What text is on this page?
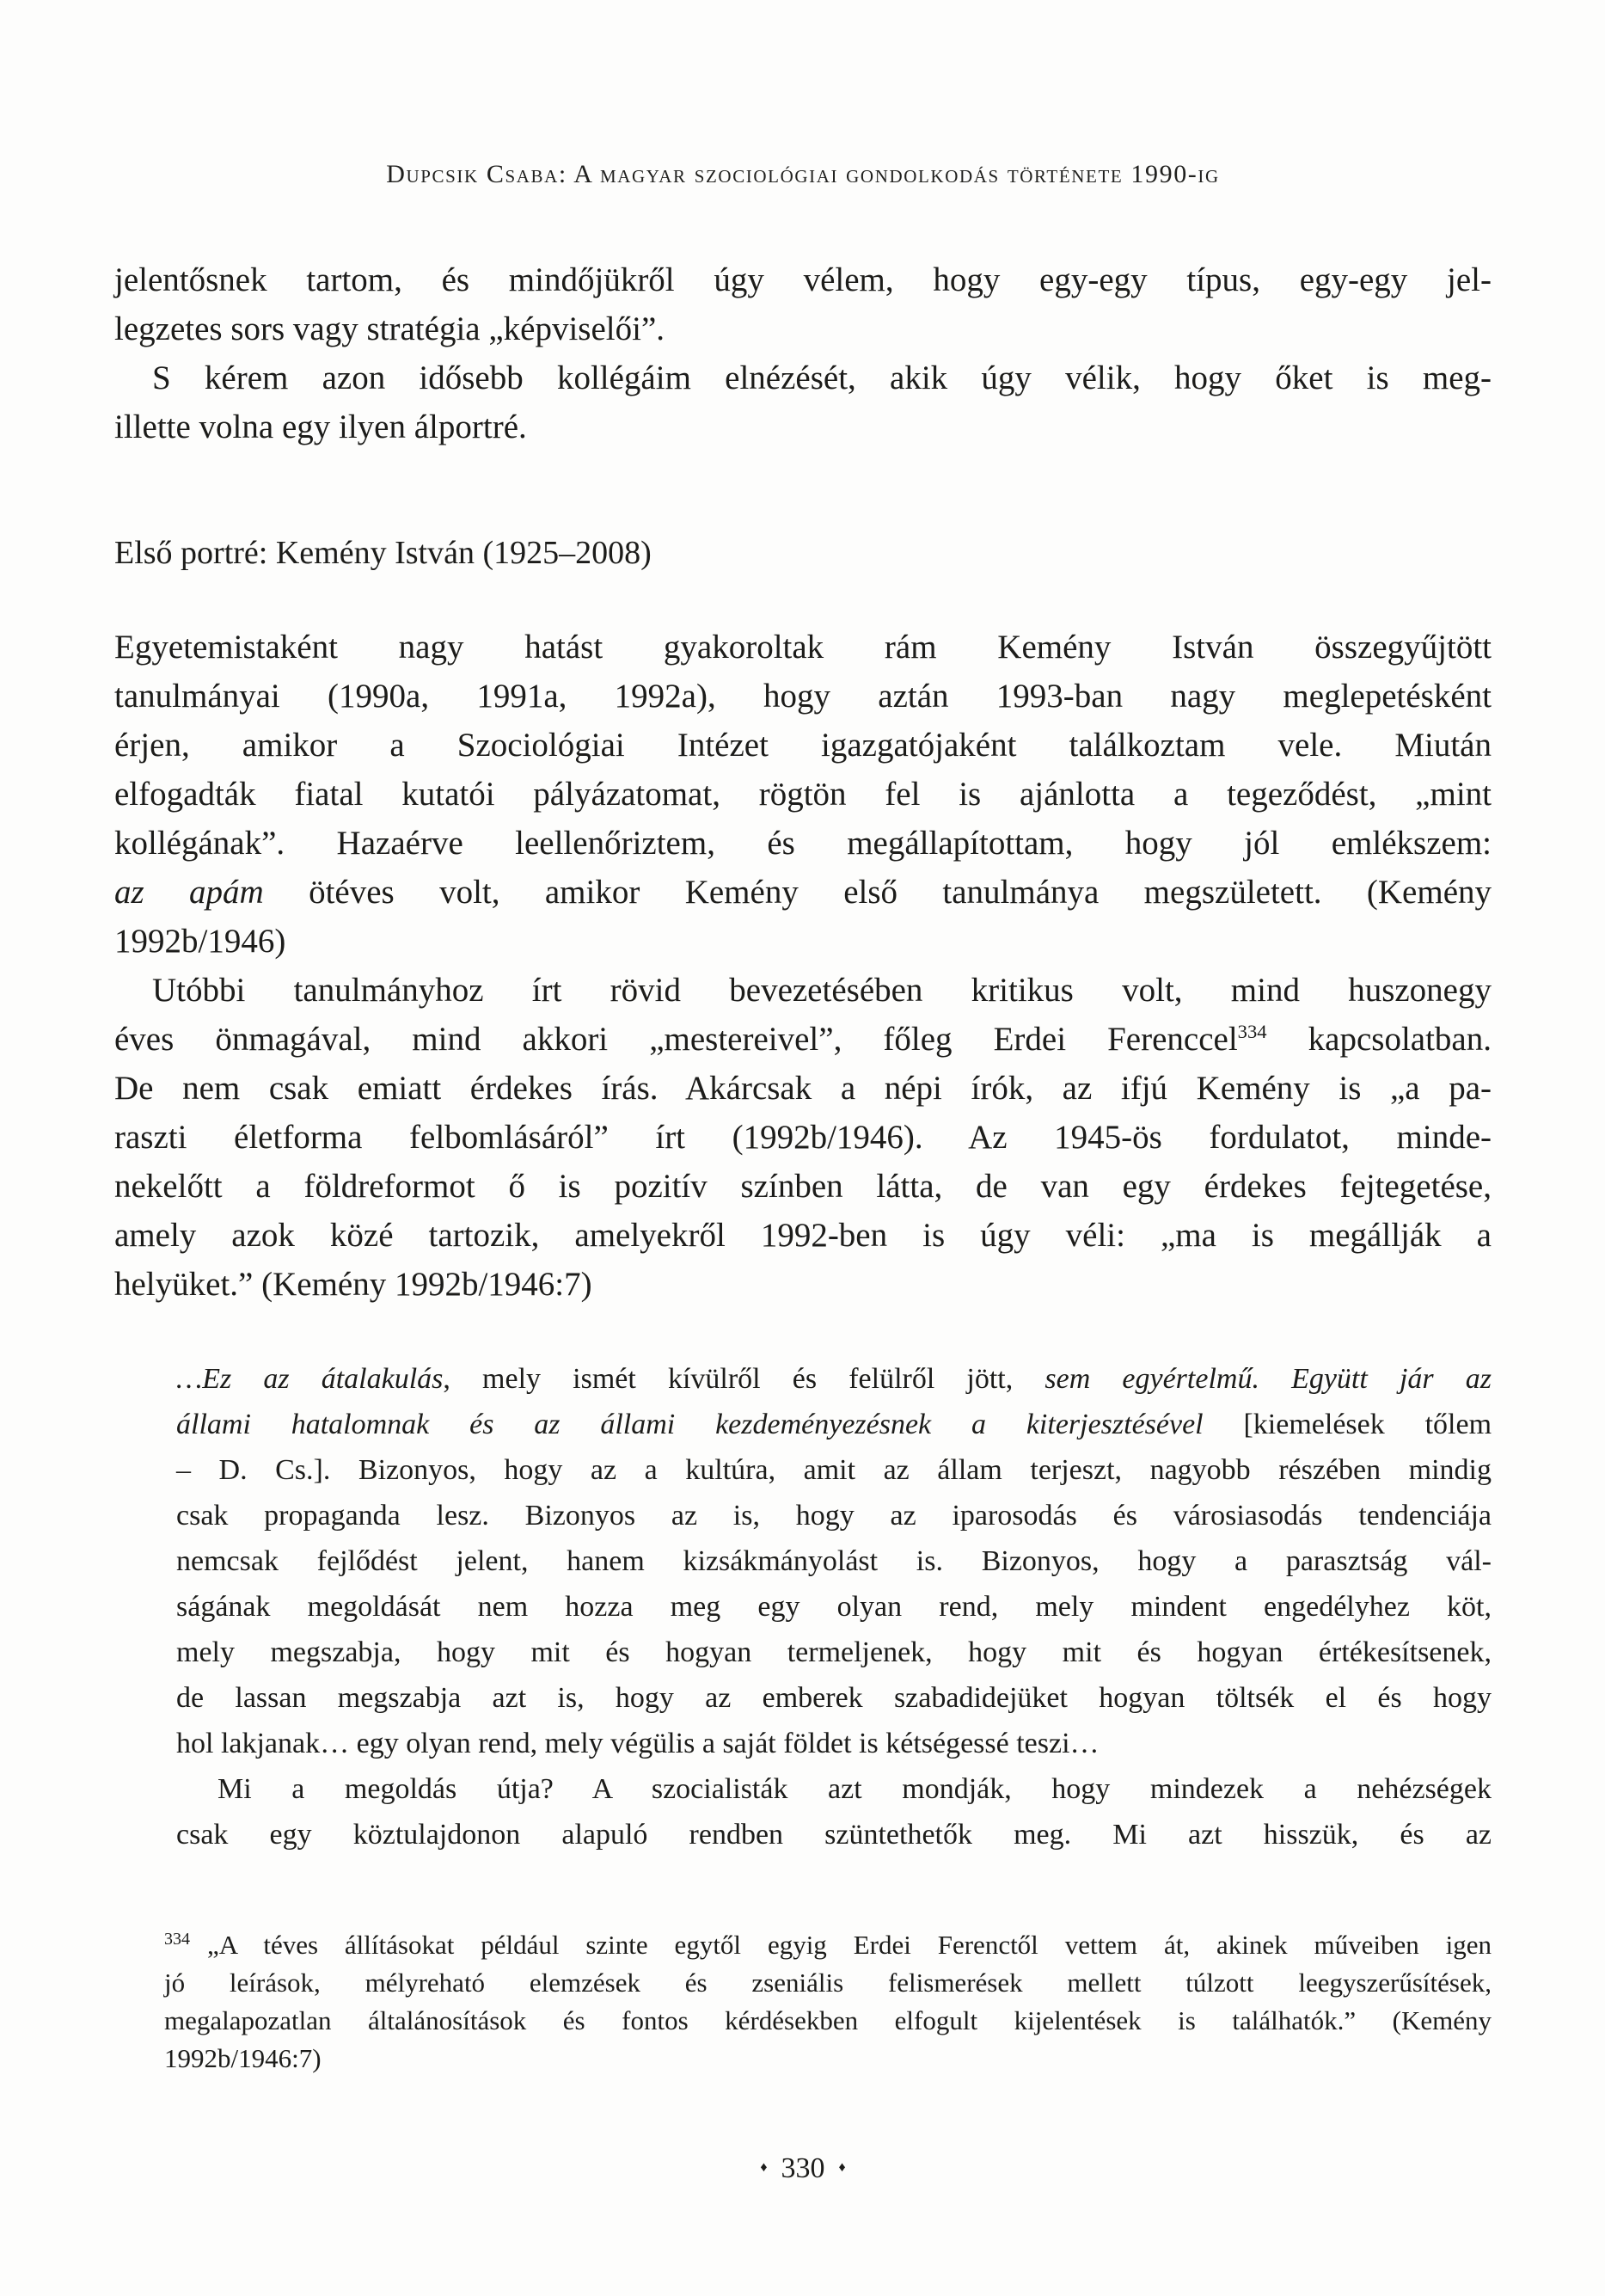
Dupcsik Csaba: A magyar szociológiai gondolkodás története 1990-ig
jelentősnek tartom, és mindőjükről úgy vélem, hogy egy-egy típus, egy-egy jel-
legzetes sors vagy stratégia „képviselői”.
S kérem azon idősebb kollégáim elnézését, akik úgy vélik, hogy őket is meg-
illette volna egy ilyen álportré.
Első portré: Kemény István (1925–2008)
Egyetemistaként nagy hatást gyakoroltak rám Kemény István összegyűjtött
tanulmányai (1990a, 1991a, 1992a), hogy aztán 1993-ban nagy meglepetésként
érjen, amikor a Szociológiai Intézet igazgatójaként találkoztam vele. Miután
elfogadták fiatal kutatói pályázatomat, rögtön fel is ajánlotta a tegeződést, „mint
kollégának”. Hazaérve leellenőriztem, és megállapítottam, hogy jól emlékszem:
az apám ötéves volt, amikor Kemény első tanulmánya megszületett. (Kemény
1992b/1946)
Utóbbi tanulmányhoz írt rövid bevezetésében kritikus volt, mind huszonegy
éves önmagával, mind akkori „mestereivel”, főleg Erdei Ferenccel$^{334}$ kapcsolatban.
De nem csak emiatt érdekes írás. Akárcsak a népi írók, az ifjú Kemény is „a pa-
raszti életforma felbomlásáról” írt (1992b/1946). Az 1945-ös fordulatot, minde-
nekelőtt a földreformot ő is pozitív színben látta, de van egy érdekes fejtegetése,
amely azok közé tartozik, amelyekről 1992-ben is úgy véli: „ma is megállják a
helyüket.” (Kemény 1992b/1946:7)
…Ez az átalakulás, mely ismét kívülről és felülről jött, sem egyértelmű. Együtt jár az
állami hatalomnak és az állami kezdeményezésnek a kiterjesztésével [kiemelések tőlem
– D. Cs.]. Bizonyos, hogy az a kultúra, amit az állam terjeszt, nagyobb részében mindig
csak propaganda lesz. Bizonyos az is, hogy az iparosodás és városiasodás tendenciája
nemcsak fejlődést jelent, hanem kizsákmányolást is. Bizonyos, hogy a parasztság vál-
ságának megoldását nem hozza meg egy olyan rend, mely mindent engedélyhez köt,
mely megszabja, hogy mit és hogyan termeljenek, hogy mit és hogyan értékesítsenek,
de lassan megszabja azt is, hogy az emberek szabadidejüket hogyan töltsék el és hogy
hol lakjanak… egy olyan rend, mely végülis a saját földet is kétségessé teszi…
Mi a megoldás útja? A szocialisták azt mondják, hogy mindezek a nehézségek
csak egy köztulajdonon alapuló rendben szüntethetők meg. Mi azt hisszük, és az
$^{334}$ „A téves állításokat például szinte egytől egyig Erdei Ferenctől vettem át, akinek műveiben igen
jó leírások, mélyreható elemzések és zseniális felismerések mellett túlzott leegyszerűsítések,
megalapozatlan általánosítások és fontos kérdésekben elfogult kijelentések is találhatók.” (Kemény
1992b/1946:7)
♦ 330 ♦
